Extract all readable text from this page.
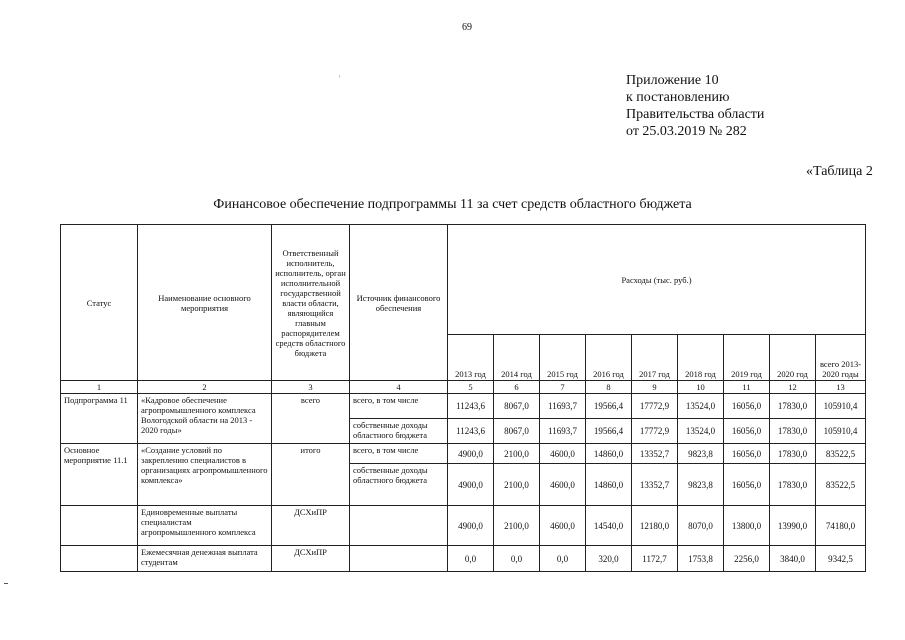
69
'	Приложение 10
к постановлению
Правительства области
от 25.03.2019 № 282
«Таблица 2
Финансовое обеспечение подпрограммы 11 за счет средств областного бюджета
Статус	Наименование основного мероприятия	Ответственный исполнитель, исполнитель, орган исполнительной государственной власти области, являющийся главным распорядителем средств областного бюджета	Источник финансового обеспечения	Расходы (тыс. руб.)								
				2013 год	2014 год	2015 год	2016 год	2017 год	2018 год	2019 год	2020 год	всего 2013-2020 годы
1	2	3	4	5	6	7	8	9	10	11	12	13
Подпрограмма 11	«Кадровое обеспечение агропромышленного комплекса Вологодской области на 2013 - 2020 годы»	всего	всего, в том числе	11243,6	8067,0	11693,7	19566,4	17772,9	13524,0	16056,0	17830,0	105910,4
			собственные доходы областного бюджета	11243,6	8067,0	11693,7	19566,4	17772,9	13524,0	16056,0	17830,0	105910,4
Основное мероприятие 11.1	«Создание условий по закреплению специалистов в организациях агропромышленного комплекса»	итого	всего, в том числе	4900,0	2100,0	4600,0	14860,0	13352,7	9823,8	16056,0	17830,0	83522,5
			собственные доходы областного бюджета	4900,0	2100,0	4600,0	14860,0	13352,7	9823,8	16056,0	17830,0	83522,5
	Единовременные выплаты специалистам агропромышленного комплекса	ДСХиПР		4900,0	2100,0	4600,0	14540,0	12180,0	8070,0	13800,0	13990,0	74180,0
	Ежемесячная денежная выплата студентам	ДСХиПР		0,0	0,0	0,0	320,0	1172,7	1753,8	2256,0	3840,0	9342,5
